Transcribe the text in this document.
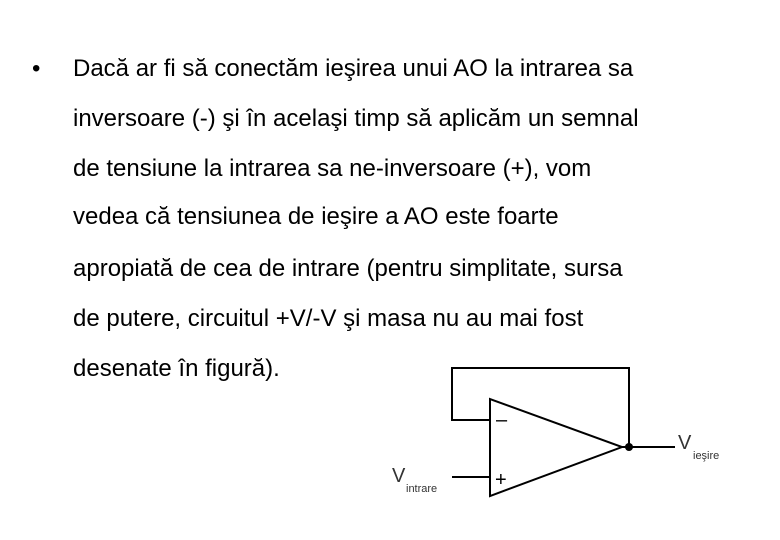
• Dacă ar fi să conectăm ieşirea unui AO la intrarea sa
inversoare (-) şi în acelaşi timp să aplicăm un semnal
de tensiune la intrarea sa ne-inversoare (+), vom
vedea că tensiunea de ieşire a AO este foarte
apropiată de cea de intrare (pentru simplitate, sursa
de putere, circuitul +V/-V şi masa nu au mai fost
desenate în figură).
–
+
V
ieşire
V
intrare
